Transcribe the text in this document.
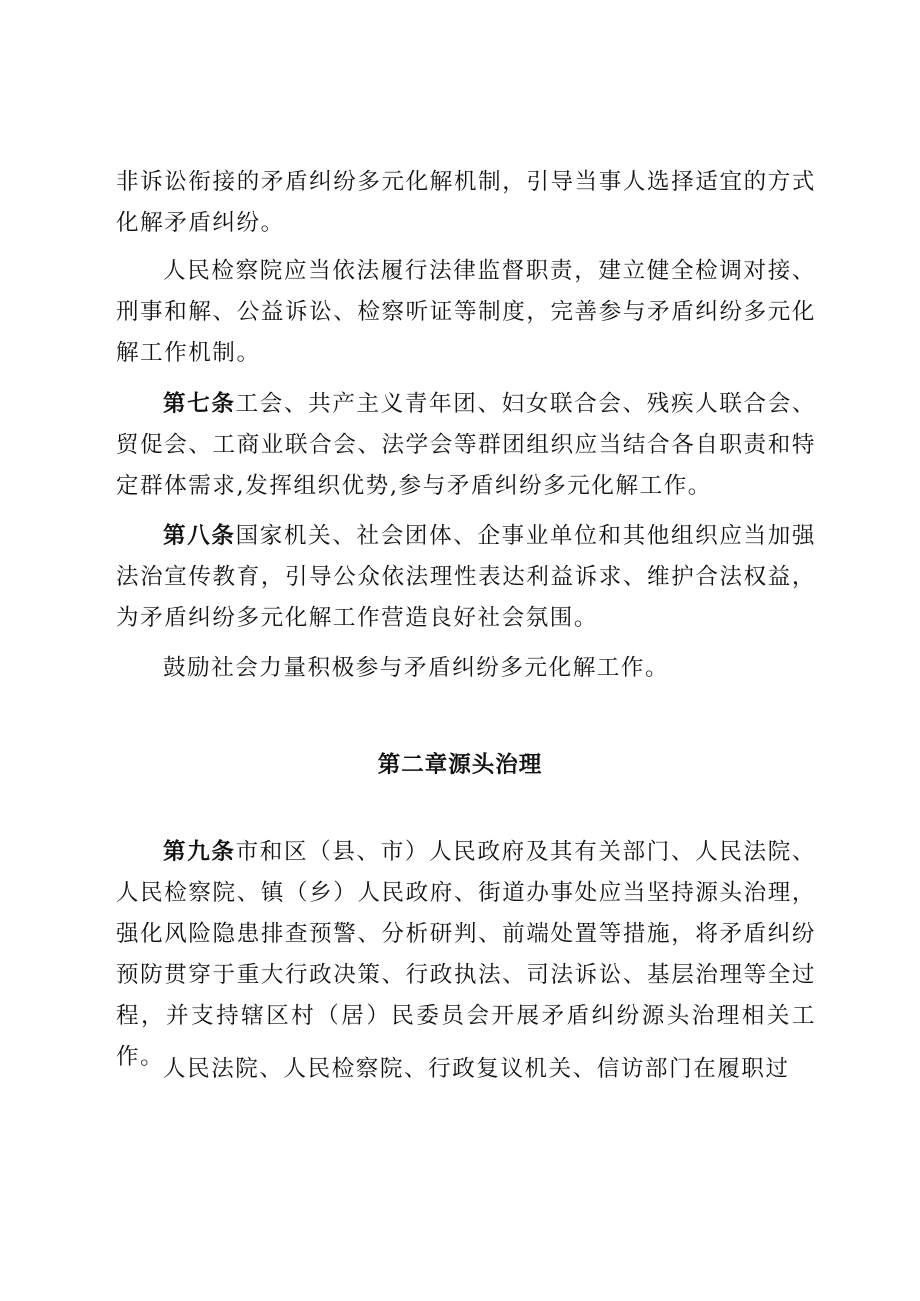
非诉讼衔接的矛盾纠纷多元化解机制，引导当事人选择适宜的方式化解矛盾纠纷。

人民检察院应当依法履行法律监督职责，建立健全检调对接、刑事和解、公益诉讼、检察听证等制度，完善参与矛盾纠纷多元化解工作机制。

第七条工会、共产主义青年团、妇女联合会、残疾人联合会、贸促会、工商业联合会、法学会等群团组织应当结合各自职责和特定群体需求,发挥组织优势,参与矛盾纠纷多元化解工作。

第八条国家机关、社会团体、企事业单位和其他组织应当加强法治宣传教育，引导公众依法理性表达利益诉求、维护合法权益，为矛盾纠纷多元化解工作营造良好社会氛围。

鼓励社会力量积极参与矛盾纠纷多元化解工作。

第二章源头治理

第九条市和区（县、市）人民政府及其有关部门、人民法院、人民检察院、镇（乡）人民政府、街道办事处应当坚持源头治理，强化风险隐患排查预警、分析研判、前端处置等措施，将矛盾纠纷预防贯穿于重大行政决策、行政执法、司法诉讼、基层治理等全过程，并支持辖区村（居）民委员会开展矛盾纠纷源头治理相关工作。

人民法院、人民检察院、行政复议机关、信访部门在履职过
